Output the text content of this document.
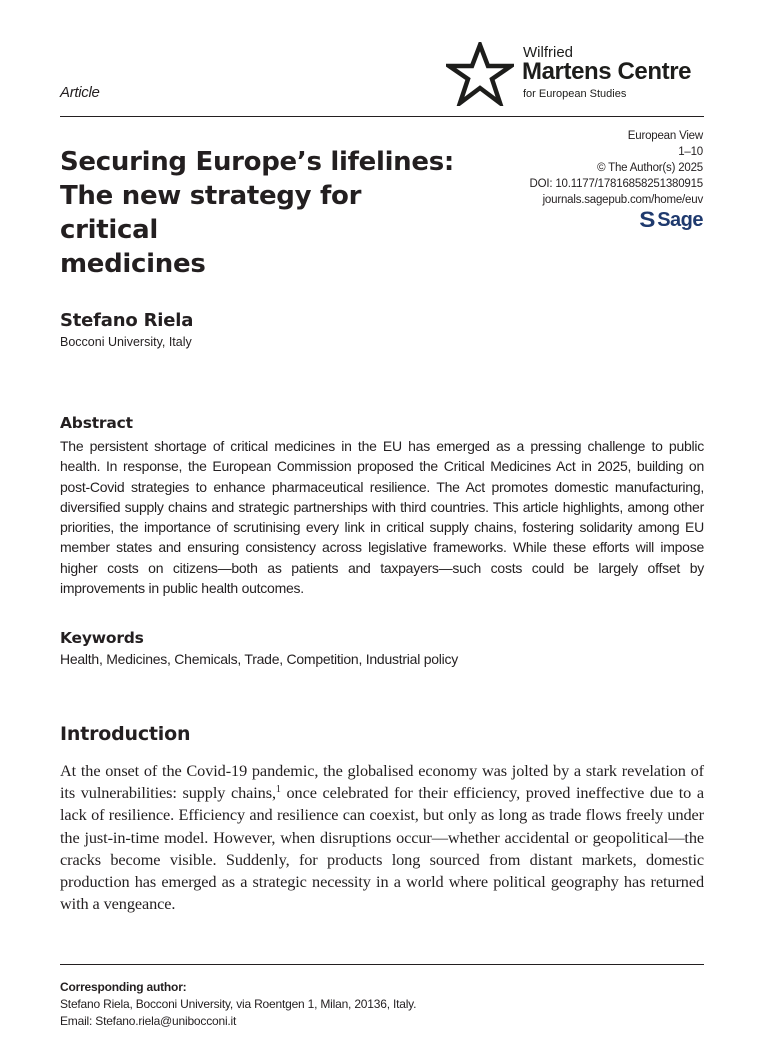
Article
Wilfried
Martens Centre
for European Studies
European View
1–10
© The Author(s) 2025
DOI: 10.1177/17816858251380915
journals.sagepub.com/home/euv
S Sage
Securing Europe’s lifelines:
The new strategy for critical
medicines
Stefano Riela
Bocconi University, Italy
Abstract
The persistent shortage of critical medicines in the EU has emerged as a pressing challenge to public health. In response, the European Commission proposed the Critical Medicines Act in 2025, building on post-Covid strategies to enhance pharmaceutical resilience. The Act promotes domestic manufacturing, diversified supply chains and strategic partnerships with third countries. This article highlights, among other priorities, the importance of scrutinising every link in critical supply chains, fostering solidarity among EU member states and ensuring consistency across legislative frameworks. While these efforts will impose higher costs on citizens—both as patients and taxpayers—such costs could be largely offset by improvements in public health outcomes.
Keywords
Health, Medicines, Chemicals, Trade, Competition, Industrial policy
Introduction
At the onset of the Covid-19 pandemic, the globalised economy was jolted by a stark revelation of its vulnerabilities: supply chains,$^1$ once celebrated for their efficiency, proved ineffective due to a lack of resilience. Efficiency and resilience can coexist, but only as long as trade flows freely under the just-in-time model. However, when disruptions occur—whether accidental or geopolitical—the cracks become visible. Suddenly, for products long sourced from distant markets, domestic production has emerged as a strategic necessity in a world where political geography has returned with a vengeance.
Corresponding author:
Stefano Riela, Bocconi University, via Roentgen 1, Milan, 20136, Italy.
Email: Stefano.riela@unibocconi.it
